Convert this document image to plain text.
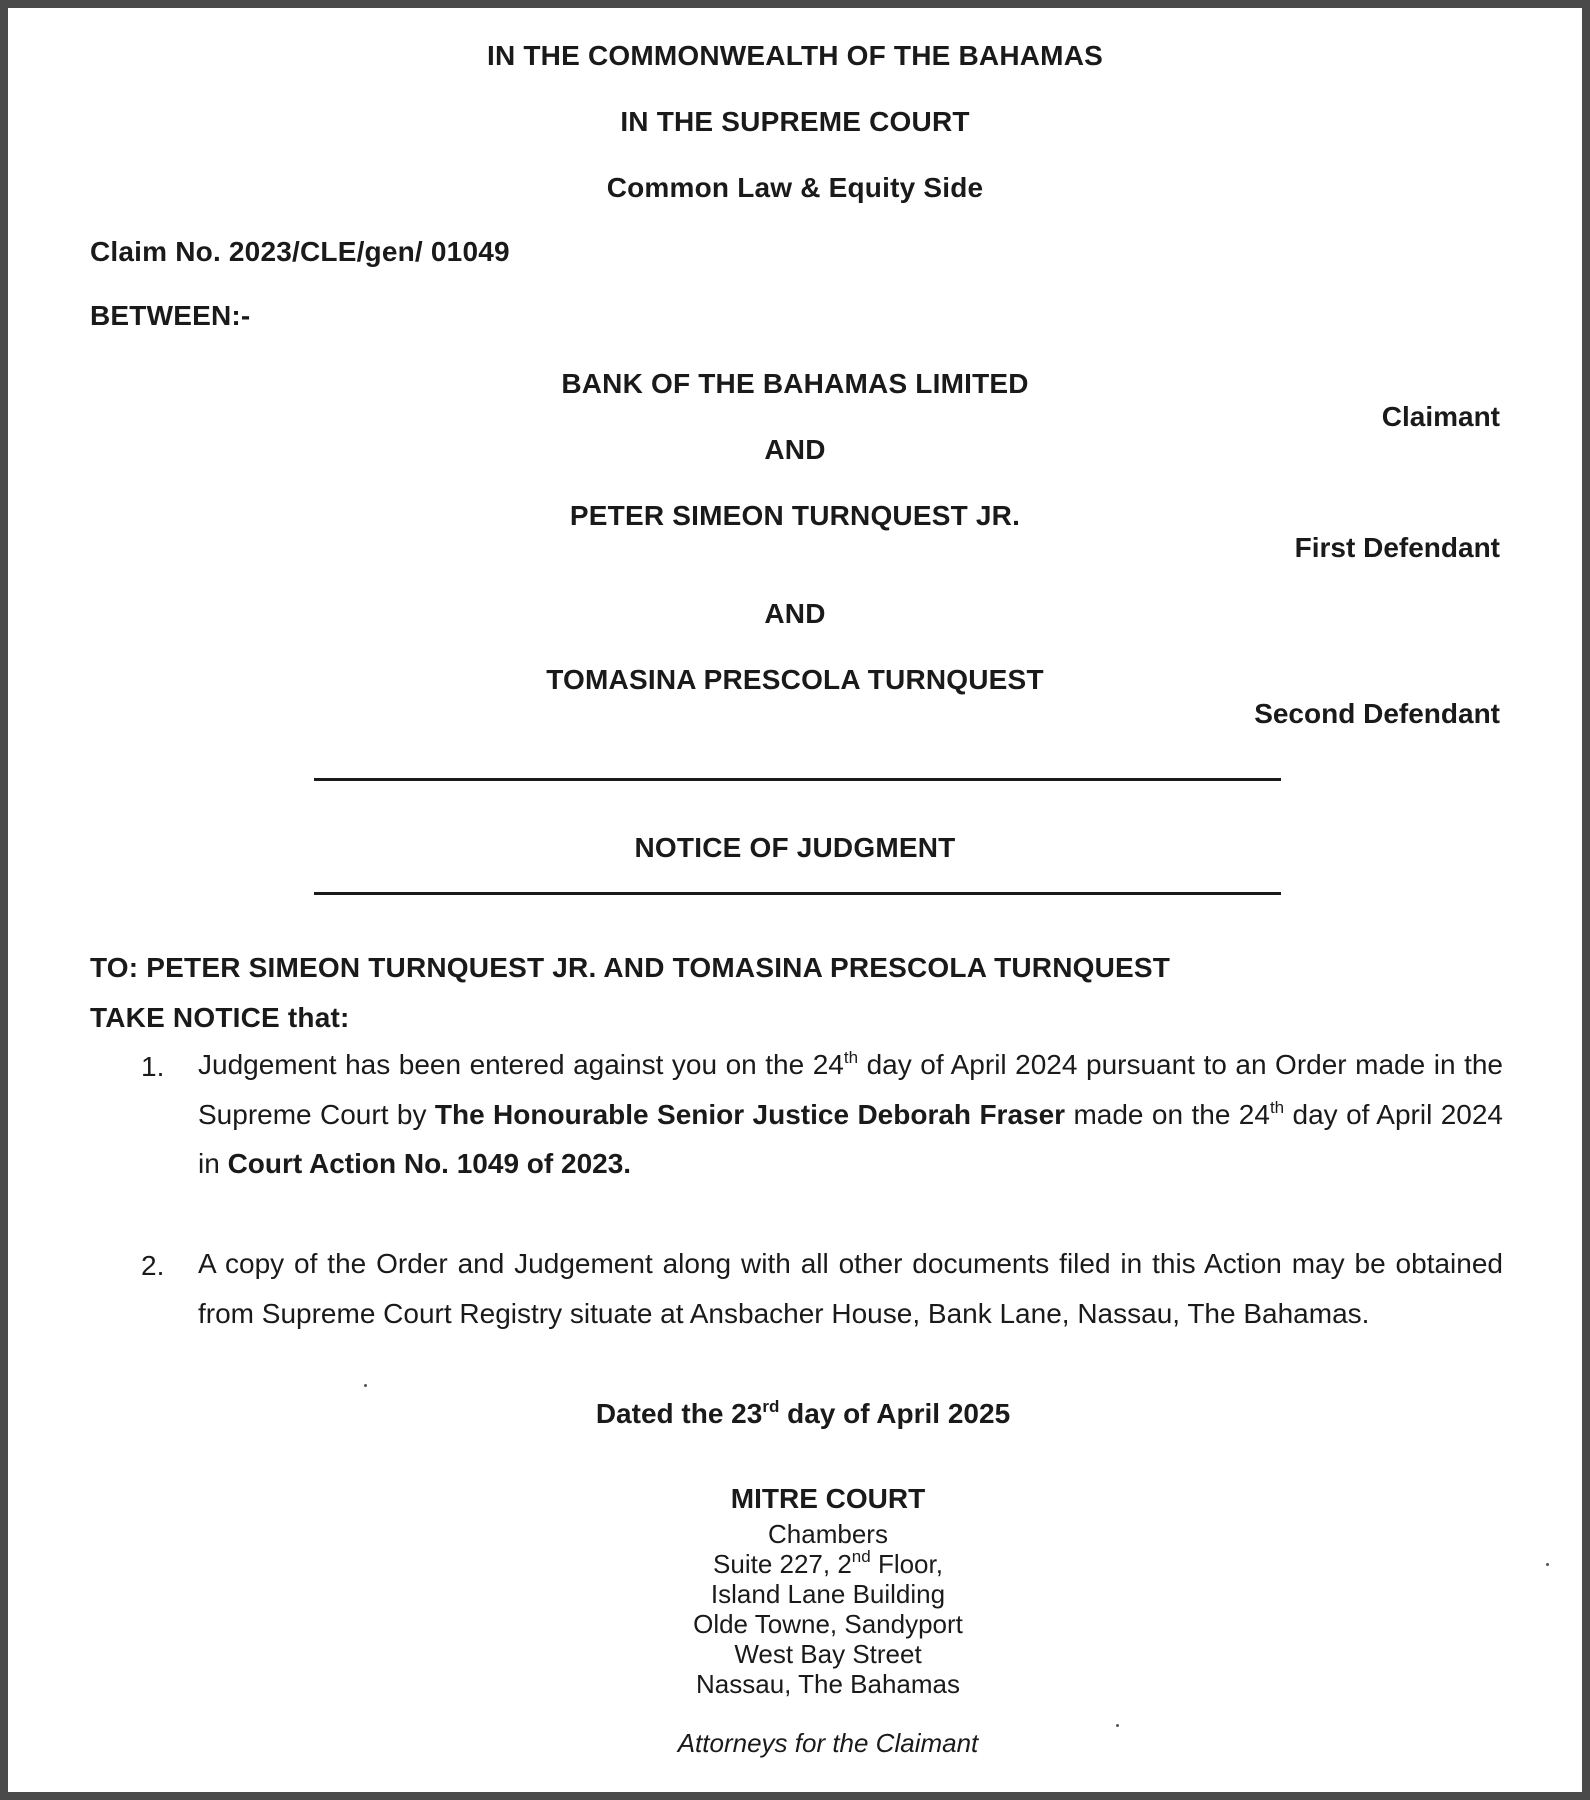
IN THE COMMONWEALTH OF THE BAHAMAS
IN THE SUPREME COURT
Common Law & Equity Side
Claim No. 2023/CLE/gen/ 01049
BETWEEN:-
BANK OF THE BAHAMAS LIMITED
Claimant
AND
PETER SIMEON TURNQUEST JR.
First Defendant
AND
TOMASINA PRESCOLA TURNQUEST
Second Defendant
NOTICE OF JUDGMENT
TO: PETER SIMEON TURNQUEST JR. AND TOMASINA PRESCOLA TURNQUEST
TAKE NOTICE that:
1. Judgement has been entered against you on the 24th day of April 2024 pursuant to an Order made in the Supreme Court by The Honourable Senior Justice Deborah Fraser made on the 24th day of April 2024 in Court Action No. 1049 of 2023.
2. A copy of the Order and Judgement along with all other documents filed in this Action may be obtained from Supreme Court Registry situate at Ansbacher House, Bank Lane, Nassau, The Bahamas.
Dated the 23rd day of April 2025
MITRE COURT
Chambers
Suite 227, 2nd Floor,
Island Lane Building
Olde Towne, Sandyport
West Bay Street
Nassau, The Bahamas
Attorneys for the Claimant
